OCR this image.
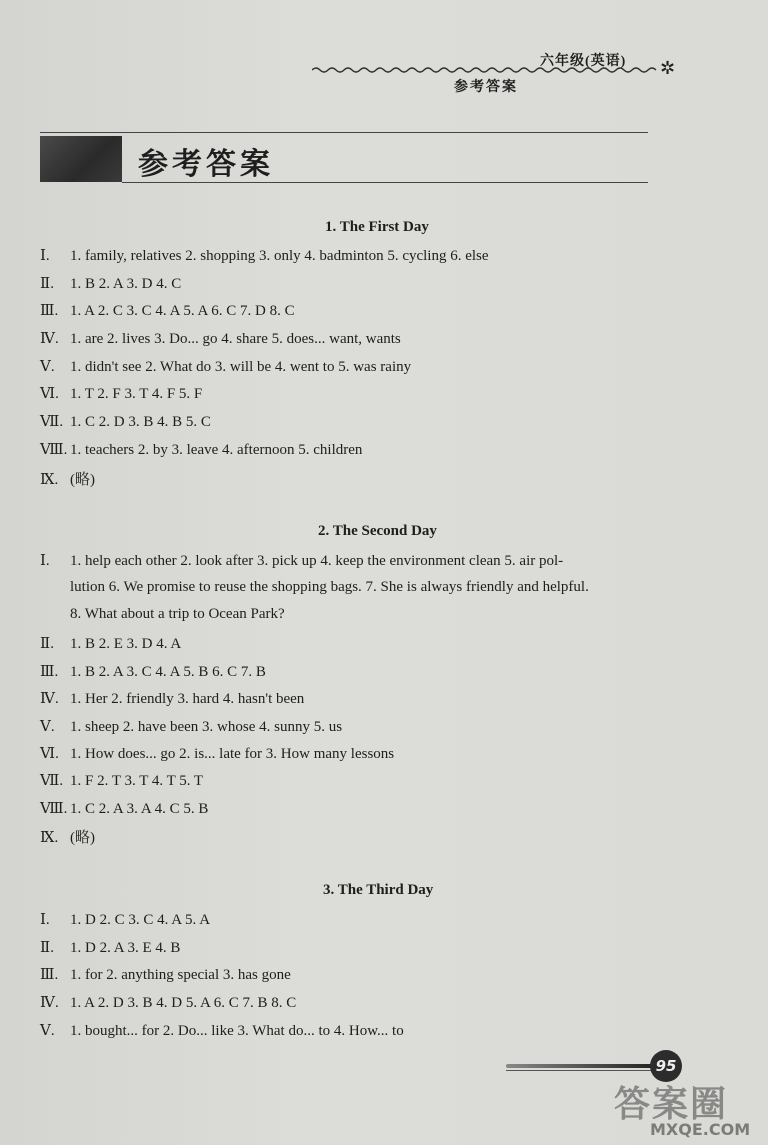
六年级(英语) ✲
参考答案
参考答案
1. The First Day
Ⅰ. 1. family, relatives 2. shopping 3. only 4. badminton 5. cycling 6. else
Ⅱ. 1. B 2. A 3. D 4. C
Ⅲ. 1. A 2. C 3. C 4. A 5. A 6. C 7. D 8. C
Ⅳ. 1. are 2. lives 3. Do... go 4. share 5. does... want, wants
Ⅴ. 1. didn't see 2. What do 3. will be 4. went to 5. was rainy
Ⅵ. 1. T 2. F 3. T 4. F 5. F
Ⅶ. 1. C 2. D 3. B 4. B 5. C
Ⅷ. 1. teachers 2. by 3. leave 4. afternoon 5. children
Ⅸ. (略)
2. The Second Day
Ⅰ. 1. help each other 2. look after 3. pick up 4. keep the environment clean 5. air pol-
lution 6. We promise to reuse the shopping bags. 7. She is always friendly and helpful.
8. What about a trip to Ocean Park?
Ⅱ. 1. B 2. E 3. D 4. A
Ⅲ. 1. B 2. A 3. C 4. A 5. B 6. C 7. B
Ⅳ. 1. Her 2. friendly 3. hard 4. hasn't been
Ⅴ. 1. sheep 2. have been 3. whose 4. sunny 5. us
Ⅵ. 1. How does... go 2. is... late for 3. How many lessons
Ⅶ. 1. F 2. T 3. T 4. T 5. T
Ⅷ. 1. C 2. A 3. A 4. C 5. B
Ⅸ. (略)
3. The Third Day
Ⅰ. 1. D 2. C 3. C 4. A 5. A
Ⅱ. 1. D 2. A 3. E 4. B
Ⅲ. 1. for 2. anything special 3. has gone
Ⅳ. 1. A 2. D 3. B 4. D 5. A 6. C 7. B 8. C
Ⅴ. 1. bought... for 2. Do... like 3. What do... to 4. How... to
95
答案圈
MXQE.COM
